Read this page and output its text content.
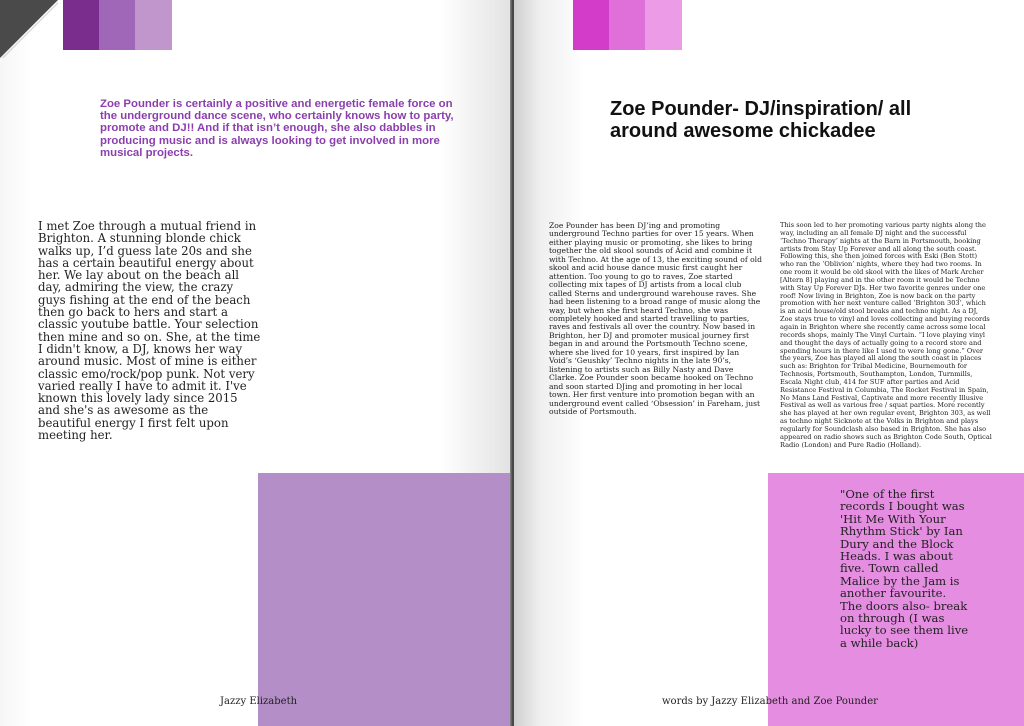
Zoe Pounder is certainly a positive and energetic female force on the underground dance scene, who certainly knows how to party, promote and DJ!! And if that isn’t enough, she also dabbles in producing music and is always looking to get involved in more musical projects.

I met Zoe through a mutual friend in Brighton. A stunning blonde chick walks up, I’d guess late 20s and she has a certain beautiful energy about her. We lay about on the beach all day, admiring the view, the crazy guys fishing at the end of the beach then go back to hers and start a classic youtube battle. Your selection then mine and so on. She, at the time I didn't know, a DJ, knows her way around music. Most of mine is either classic emo/rock/pop punk. Not very varied really I have to admit it. I've known this lovely lady since 2015 and she's as awesome as the beautiful energy I first felt upon meeting her.

Jazzy Elizabeth

Zoe Pounder- DJ/inspiration/ all around awesome chickadee

Zoe Pounder has been DJ’ing and promoting underground Techno parties for over 15 years. When either playing music or promoting, she likes to bring together the old skool sounds of Acid and combine it with Techno. At the age of 13, the exciting sound of old skool and acid house dance music first caught her attention. Too young to go to raves, Zoe started collecting mix tapes of DJ artists from a local club called Sterns and underground warehouse raves. She had been listening to a broad range of music along the way, but when she first heard Techno, she was completely hooked and started travelling to parties, raves and festivals all over the country. Now based in Brighton, her DJ and promoter musical journey first began in and around the Portsmouth Techno scene, where she lived for 10 years, first inspired by Ian Void’s ‘Geushky’ Techno nights in the late 90’s, listening to artists such as Billy Nasty and Dave Clarke. Zoe Pounder soon became hooked on Techno and soon started DJing and promoting in her local town. Her first venture into promotion began with an underground event called ‘Obsession’ in Fareham, just outside of Portsmouth.

This soon led to her promoting various party nights along the way, including an all female DJ night and the successful ‘Techno Therapy’ nights at the Barn in Portsmouth, booking artists from Stay Up Forever and all along the south coast. Following this, she then joined forces with Eski (Ben Stott) who ran the ‘Oblivion’ nights, where they had two rooms. In one room it would be old skool with the likes of Mark Archer [Altern 8] playing and in the other room it would be Techno with Stay Up Forever DJs. Her two favorite genres under one roof! Now living in Brighton, Zoe is now back on the party promotion with her next venture called ‘Brighton 303’, which is an acid house/old stool breaks and techno night. As a DJ, Zoe stays true to vinyl and loves collecting and buying records again in Brighton where she recently came across some local records shops, mainly The Vinyl Curtain. “I love playing vinyl and thought the days of actually going to a record store and spending hours in there like I used to were long gone.” Over the years, Zoe has played all along the south coast in places such as: Brighton for Tribal Medicine, Bournemouth for Technosis, Portsmouth, Southampton, London, Turnmills, Escala Night club, 414 for SUF after parties and Acid Resistance Festival in Columbia, The Rocket Festival in Spain, No Mans Land Festival, Captivate and more recently Illusive Festival as well as various free / squat parties. More recently she has played at her own regular event, Brighton 303, as well as techno night Sicknote at the Volks in Brighton and plays regularly for Soundclash also based in Brighton. She has also appeared on radio shows such as Brighton Code South, Optical Radio (London) and Pure Radio (Holland).

"One of the first records I bought was 'Hit Me With Your Rhythm Stick' by Ian Dury and the Block Heads. I was about five. Town called Malice by the Jam is another favourite. The doors also- break on through (I was lucky to see them live a while back)

words by Jazzy Elizabeth and Zoe Pounder
